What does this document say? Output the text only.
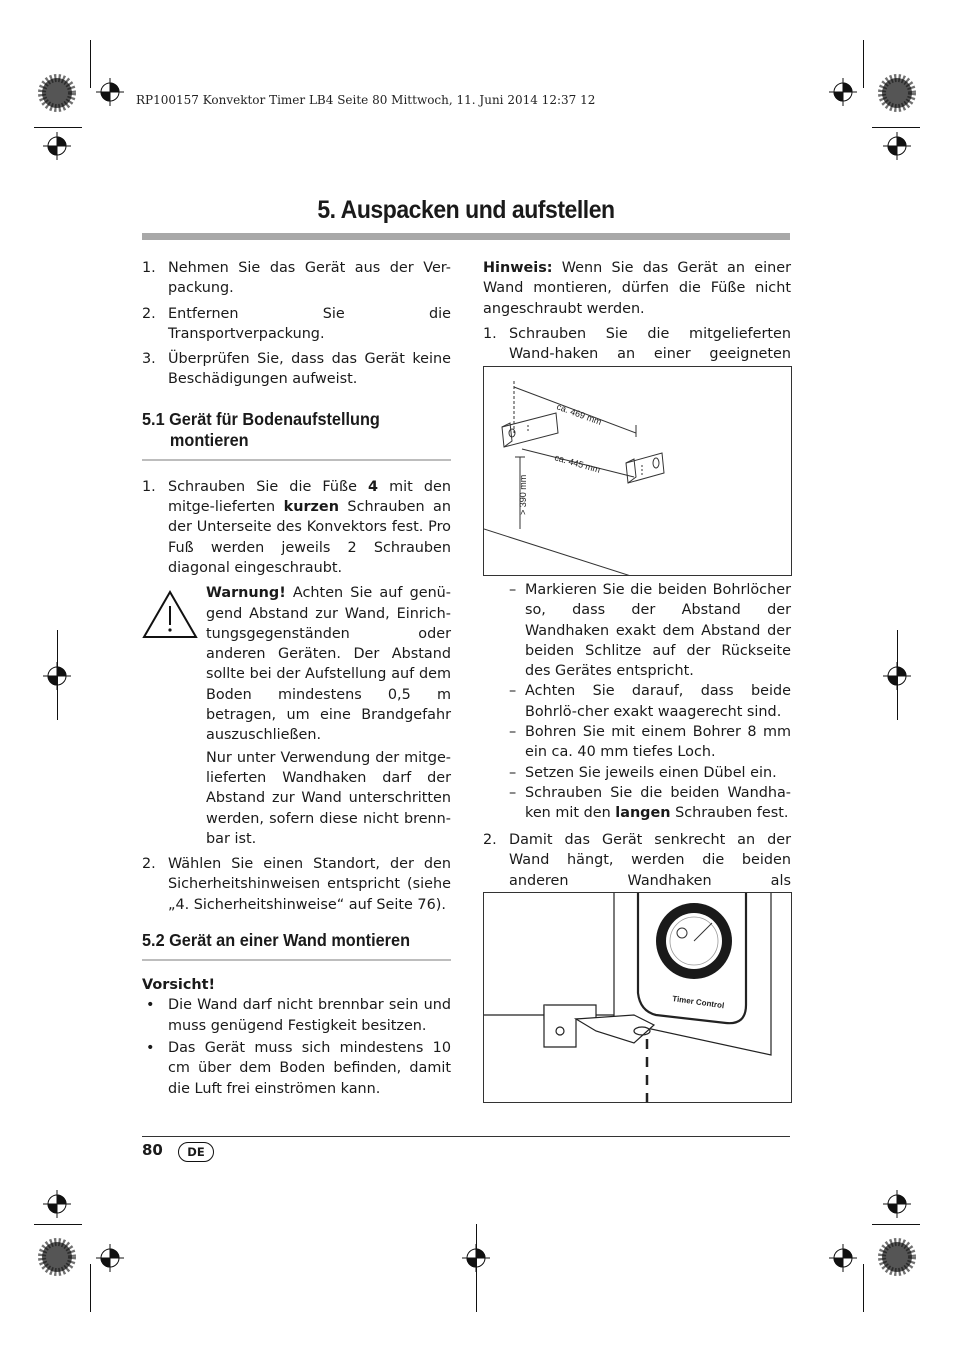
RP100157 Konvektor Timer LB4 Seite 80 Mittwoch, 11. Juni 2014 12:37 12
5. Auspacken und aufstellen

1. Nehmen Sie das Gerät aus der Ver-packung.

2. Entfernen Sie die Transportverpackung.

3. Überprüfen Sie, dass das Gerät keine Beschädigungen aufweist.

5.1 Gerät für Bodenaufstellung
montieren

1. Schrauben Sie die Füße 4 mit den mitge-lieferten kurzen Schrauben an der Unterseite des Konvektors fest. Pro Fuß werden jeweils 2 Schrauben diagonal eingeschraubt.

Warnung! Achten Sie auf genü-gend Abstand zur Wand, Einrich-tungsgegenständen oder anderen Geräten. Der Abstand sollte bei der Aufstellung auf dem Boden mindestens 0,5 m betragen, um eine Brandgefahr auszuschließen.

Nur unter Verwendung der mitge-lieferten Wandhaken darf der Abstand zur Wand unterschritten werden, sofern diese nicht brenn-bar ist.

2. Wählen Sie einen Standort, der den Sicherheitshinweisen entspricht (siehe „4. Sicherheitshinweise“ auf Seite 76).

5.2 Gerät an einer Wand montieren

Vorsicht!

• Die Wand darf nicht brennbar sein und muss genügend Festigkeit besitzen.

• Das Gerät muss sich mindestens 10 cm über dem Boden befinden, damit die Luft frei einströmen kann.

Hinweis: Wenn Sie das Gerät an einer Wand montieren, dürfen die Füße nicht angeschraubt werden.

1. Schrauben Sie die mitgelieferten Wand-haken an einer geeigneten

ca. 469 mm
ca. 445 mm
> 390 mm

– Markieren Sie die beiden Bohrlöcher so, dass der Abstand der Wandhaken exakt dem Abstand der beiden Schlitze auf der Rückseite des Gerätes entspricht.

– Achten Sie darauf, dass beide Bohrlö-cher exakt waagerecht sind.

– Bohren Sie mit einem Bohrer 8 mm ein ca. 40 mm tiefes Loch.

– Setzen Sie jeweils einen Dübel ein.

– Schrauben Sie die beiden Wandha-ken mit den langen Schrauben fest.

2. Damit das Gerät senkrecht an der Wand hängt, werden die beiden anderen Wandhaken als

Timer Control
80	DE
